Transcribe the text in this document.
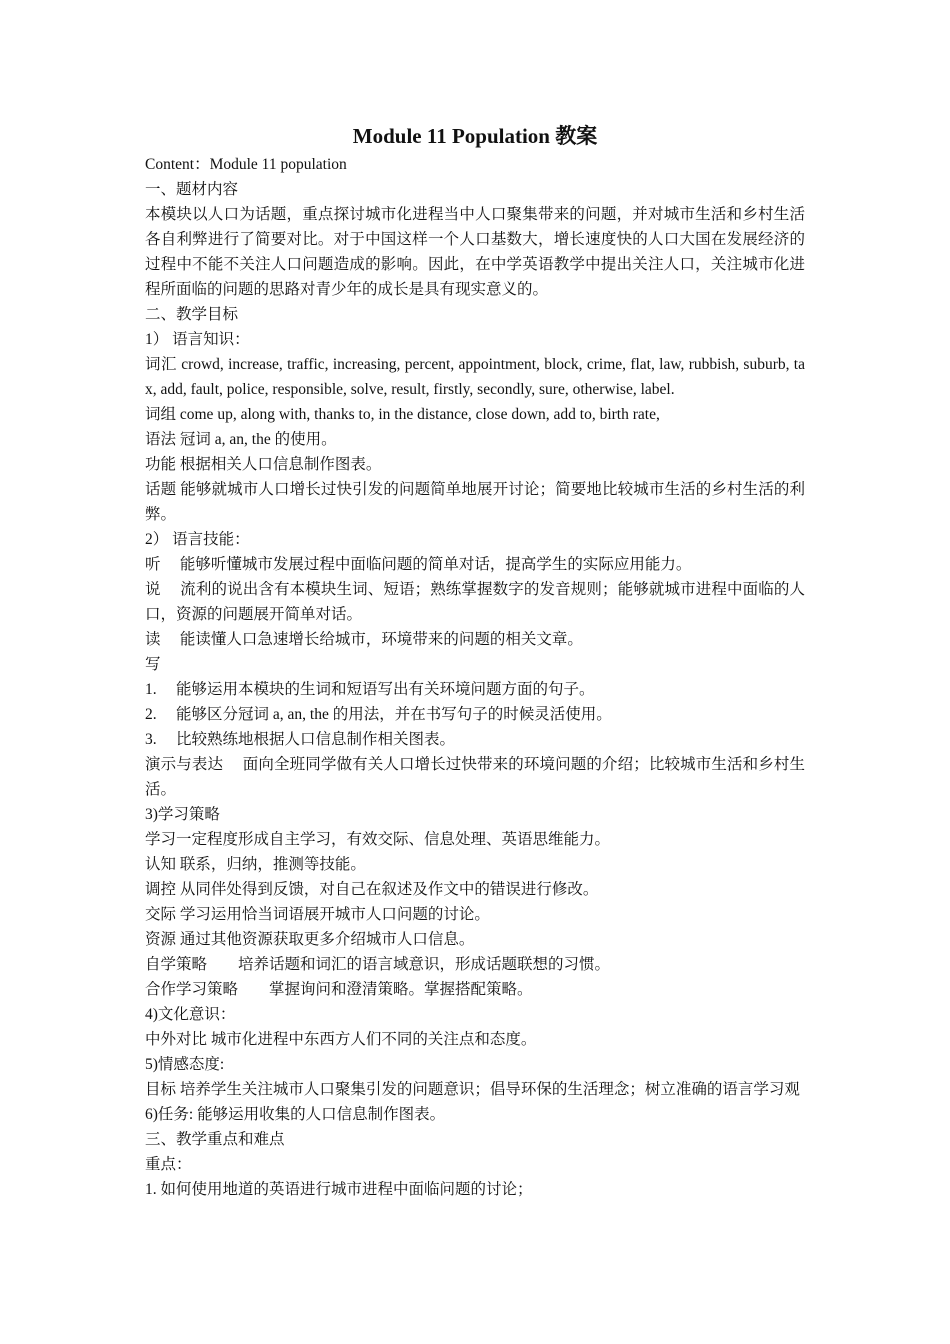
Module 11 Population 教案

Content：Module 11 population

一、题材内容

本模块以人口为话题，重点探讨城市化进程当中人口聚集带来的问题，并对城市生活和乡村生活各自利弊进行了简要对比。对于中国这样一个人口基数大，增长速度快的人口大国在发展经济的过程中不能不关注人口问题造成的影响。因此，在中学英语教学中提出关注人口，关注城市化进程所面临的问题的思路对青少年的成长是具有现实意义的。

二、教学目标

1） 语言知识：

词汇 crowd, increase, traffic, increasing, percent, appointment, block, crime, flat, law, rubbish, suburb, tax, add, fault, police, responsible, solve, result, firstly, secondly, sure, otherwise, label.

词组 come up, along with, thanks to, in the distance, close down, add to, birth rate,

语法 冠词 a, an, the 的使用。

功能 根据相关人口信息制作图表。

话题 能够就城市人口增长过快引发的问题简单地展开讨论；简要地比较城市生活的乡村生活的利弊。

2） 语言技能：

听　 能够听懂城市发展过程中面临问题的简单对话，提高学生的实际应用能力。

说　 流利的说出含有本模块生词、短语；熟练掌握数字的发音规则；能够就城市进程中面临的人口，资源的问题展开简单对话。

读　 能读懂人口急速增长给城市，环境带来的问题的相关文章。

写

1.　 能够运用本模块的生词和短语写出有关环境问题方面的句子。

2.　 能够区分冠词 a, an, the 的用法，并在书写句子的时候灵活使用。

3.　 比较熟练地根据人口信息制作相关图表。

演示与表达　 面向全班同学做有关人口增长过快带来的环境问题的介绍；比较城市生活和乡村生活。

3)学习策略

学习一定程度形成自主学习，有效交际、信息处理、英语思维能力。

认知 联系，归纳，推测等技能。

调控 从同伴处得到反馈，对自己在叙述及作文中的错误进行修改。

交际 学习运用恰当词语展开城市人口问题的讨论。

资源 通过其他资源获取更多介绍城市人口信息。

自学策略　　培养话题和词汇的语言域意识，形成话题联想的习惯。

合作学习策略　　掌握询问和澄清策略。掌握搭配策略。

4)文化意识：

中外对比 城市化进程中东西方人们不同的关注点和态度。

5)情感态度:

目标 培养学生关注城市人口聚集引发的问题意识；倡导环保的生活理念；树立准确的语言学习观

6)任务: 能够运用收集的人口信息制作图表。

三、教学重点和难点

重点：

1. 如何使用地道的英语进行城市进程中面临问题的讨论；
